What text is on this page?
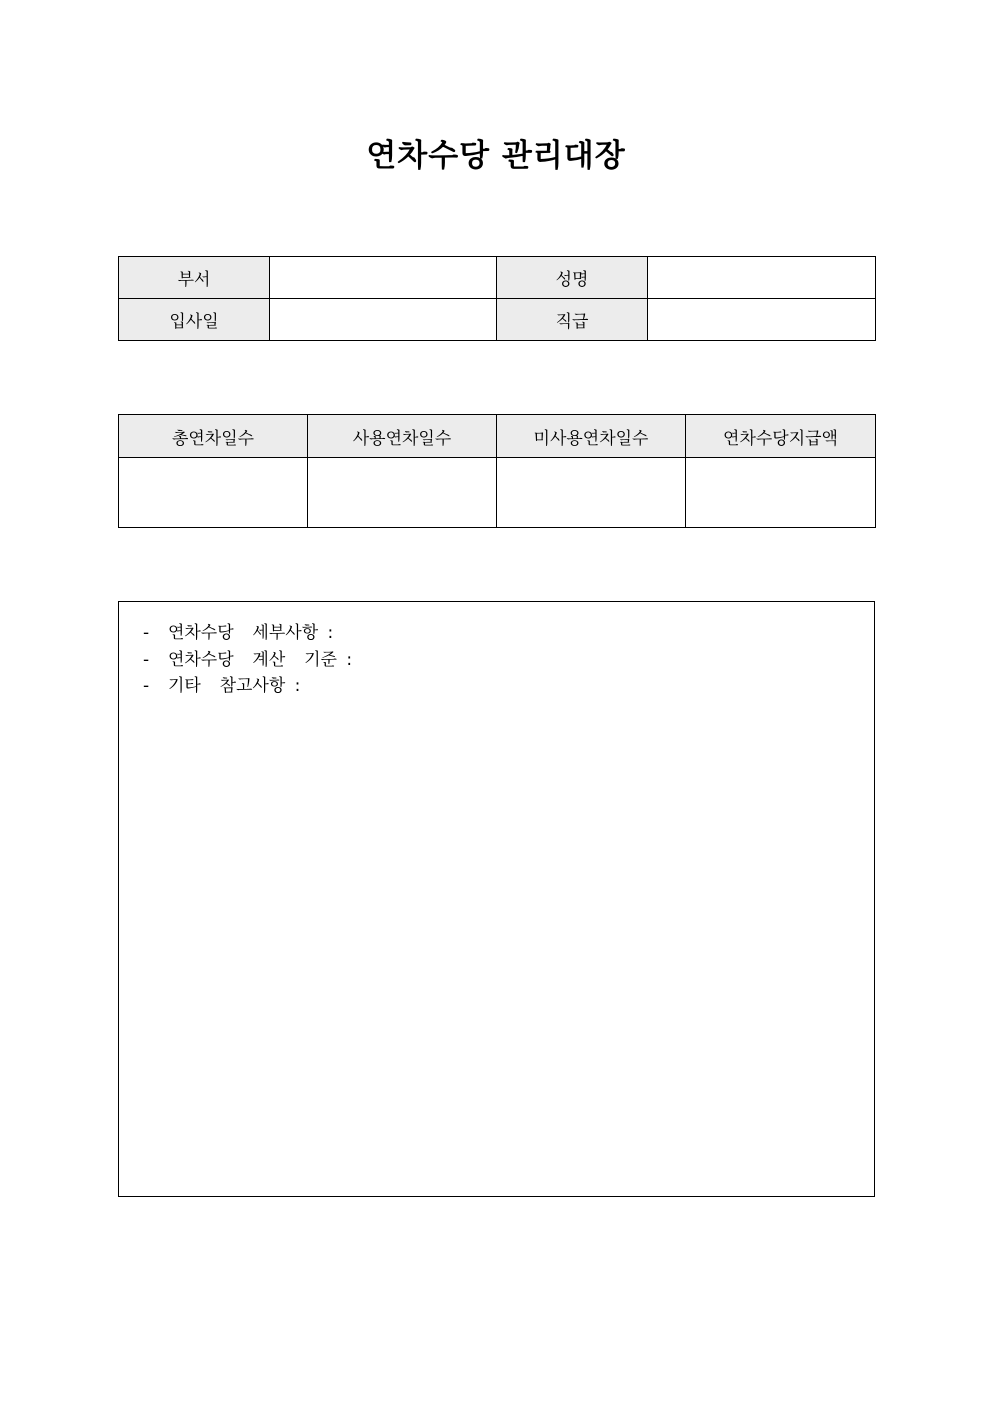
연차수당 관리대장
부서		성명	
입사일		직급	
총연차일수	사용연차일수	미사용연차일수	연차수당지급액

-  연차수당  세부사항 :
-  연차수당  계산  기준 :
-  기타  참고사항 :
